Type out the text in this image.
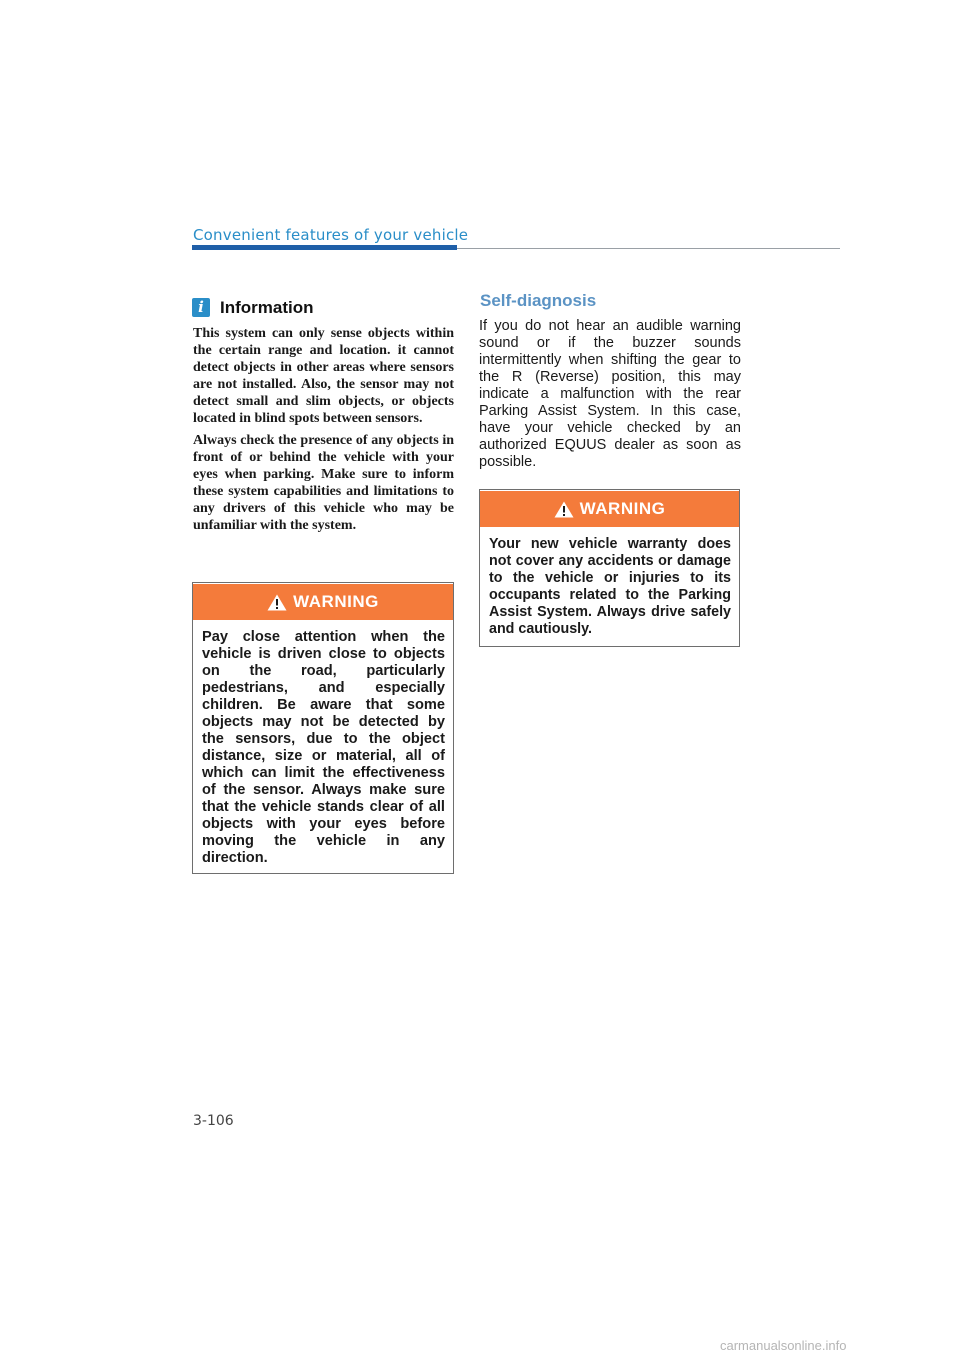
Convenient features of your vehicle
i Information

This system can only sense objects within the certain range and location. it cannot detect objects in other areas where sensors are not installed. Also, the sensor may not detect small and slim objects, or objects located in blind spots between sensors.

Always check the presence of any objects in front of or behind the vehicle with your eyes when parking. Make sure to inform these system capabilities and limitations to any drivers of this vehicle who may be unfamiliar with the system.

WARNING
Pay close attention when the vehicle is driven close to objects on the road, particularly pedestrians, and especially children. Be aware that some objects may not be detected by the sensors, due to the object distance, size or material, all of which can limit the effectiveness of the sensor. Always make sure that the vehicle stands clear of all objects with your eyes before moving the vehicle in any direction.
Self-diagnosis

If you do not hear an audible warning sound or if the buzzer sounds intermittently when shifting the gear to the R (Reverse) position, this may indicate a malfunction with the rear Parking Assist System. In this case, have your vehicle checked by an authorized EQUUS dealer as soon as possible.

WARNING
Your new vehicle warranty does not cover any accidents or damage to the vehicle or injuries to its occupants related to the Parking Assist System. Always drive safely and cautiously.
3-106
carmanualsonline.info
